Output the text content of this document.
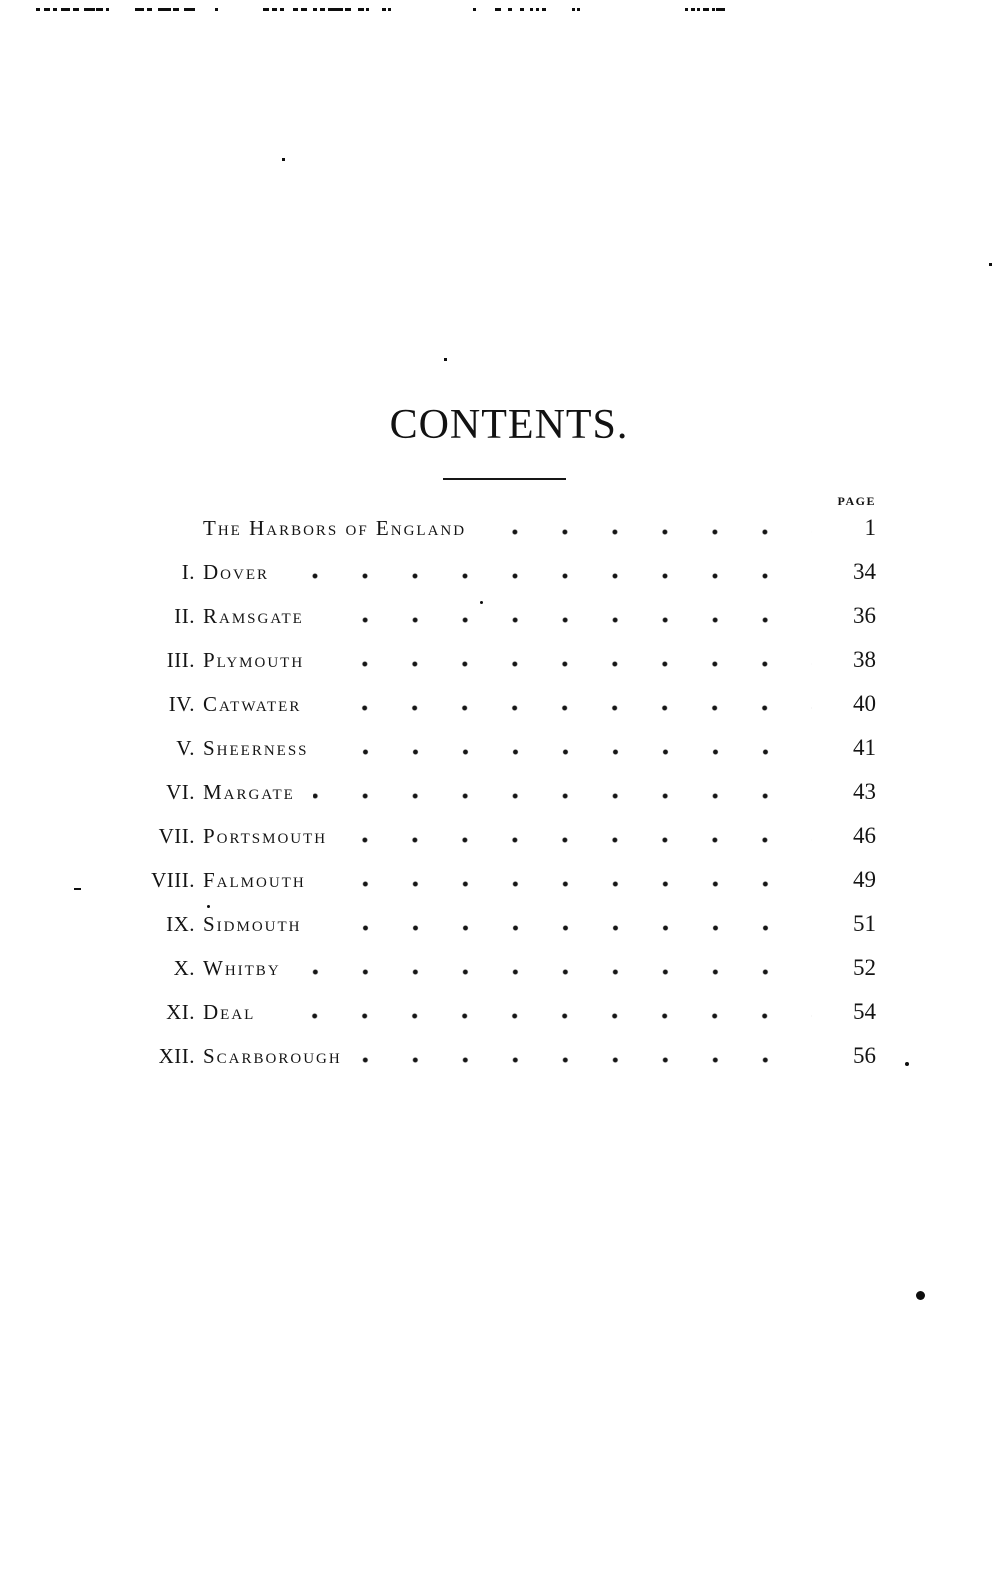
CONTENTS.
PAGE
The Harbors of England	1
I. Dover	34
II. Ramsgate	36
III. Plymouth	38
IV. Catwater	40
V. Sheerness	41
VI. Margate	43
VII. Portsmouth	46
VIII. Falmouth	49
IX. Sidmouth	51
X. Whitby	52
XI. Deal	54
XII. Scarborough	56
